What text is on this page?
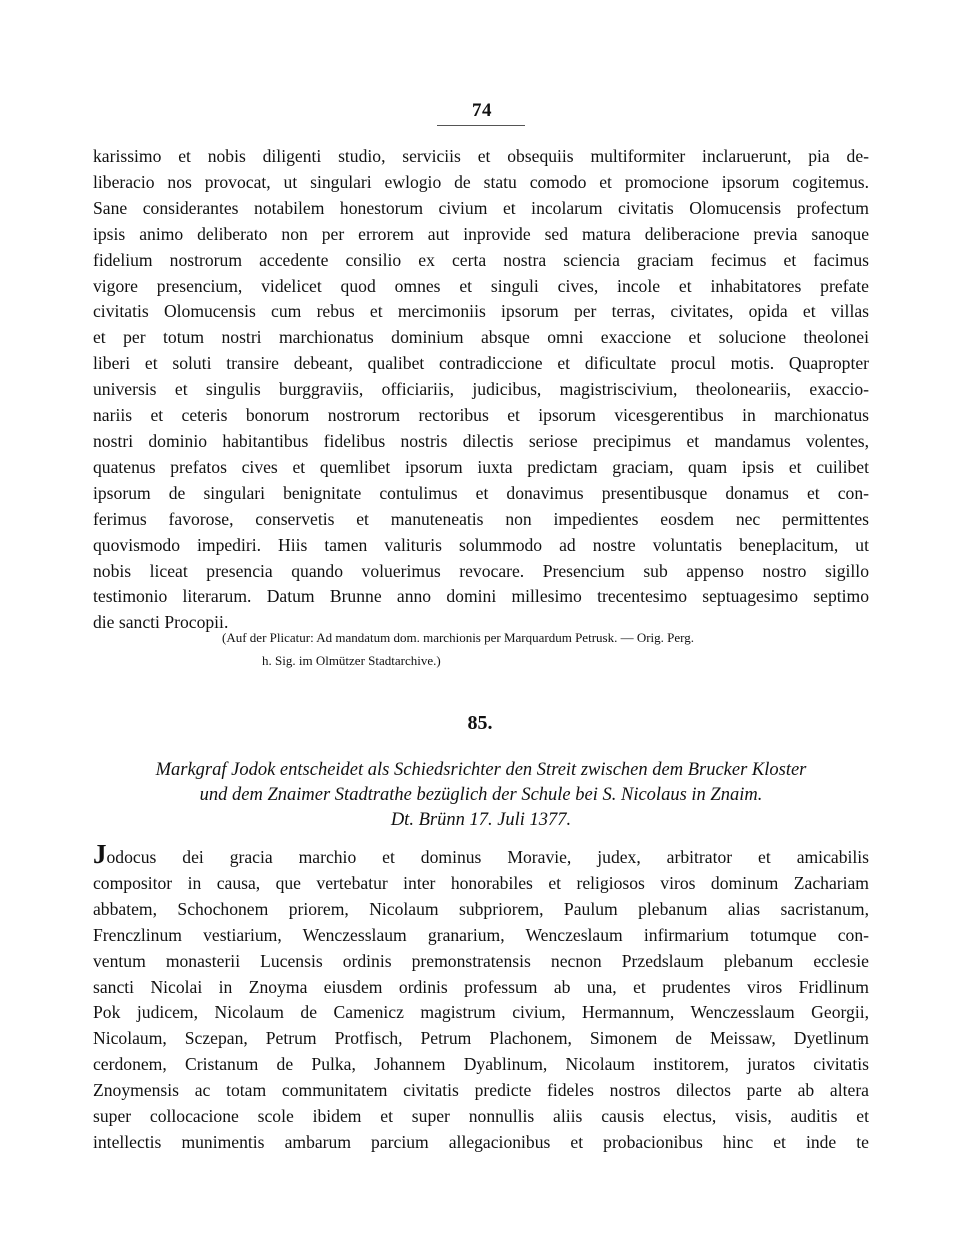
74

karissimo et nobis diligenti studio, serviciis et obsequiis multiformiter inclaruerunt, pia de-

liberacio nos provocat, ut singulari ewlogio de statu comodo et promocione ipsorum cogitemus.

Sane considerantes notabilem honestorum civium et incolarum civitatis Olomucensis profectum

ipsis animo deliberato non per errorem aut inprovide sed matura deliberacione previa sanoque

fidelium nostrorum accedente consilio ex certa nostra sciencia graciam fecimus et facimus

vigore presencium, videlicet quod omnes et singuli cives, incole et inhabitatores prefate

civitatis Olomucensis cum rebus et mercimoniis ipsorum per terras, civitates, opida et villas

et per totum nostri marchionatus dominium absque omni exaccione et solucione theolonei

liberi et soluti transire debeant, qualibet contradiccione et dificultate procul motis. Quapropter

universis et singulis burggraviis, officiariis, judicibus, magistriscivium, theoloneariis, exaccio-

nariis et ceteris bonorum nostrorum rectoribus et ipsorum vicesgerentibus in marchionatus

nostri dominio habitantibus fidelibus nostris dilectis seriose precipimus et mandamus volentes,

quatenus prefatos cives et quemlibet ipsorum iuxta predictam graciam, quam ipsis et cuilibet

ipsorum de singulari benignitate contulimus et donavimus presentibusque donamus et con-

ferimus favorose, conservetis et manuteneatis non impedientes eosdem nec permittentes

quovismodo impediri. Hiis tamen valituris solummodo ad nostre voluntatis beneplacitum, ut

nobis liceat presencia quando voluerimus revocare. Presencium sub appenso nostro sigillo

testimonio literarum. Datum Brunne anno domini millesimo trecentesimo septuagesimo septimo

die sancti Procopii.

(Auf der Plicatur: Ad mandatum dom. marchionis per Marquardum Petrusk. — Orig. Perg.
h. Sig. im Olmützer Stadtarchive.)
85.
Markgraf Jodok entscheidet als Schiedsrichter den Streit zwischen dem Brucker Kloster
und dem Znaimer Stadtrathe bezüglich der Schule bei S. Nicolaus in Znaim.
Dt. Brünn 17. Juli 1377.

Jodocus dei gracia marchio et dominus Moravie, judex, arbitrator et amicabilis

compositor in causa, que vertebatur inter honorabiles et religiosos viros dominum Zachariam

abbatem, Schochonem priorem, Nicolaum subpriorem, Paulum plebanum alias sacristanum,

Frenczlinum vestiarium, Wenczesslaum granarium, Wenczeslaum infirmarium totumque con-

ventum monasterii Lucensis ordinis premonstratensis necnon Przedslaum plebanum ecclesie

sancti Nicolai in Znoyma eiusdem ordinis professum ab una, et prudentes viros Fridlinum

Pok judicem, Nicolaum de Camenicz magistrum civium, Hermannum, Wenczesslaum Georgii,

Nicolaum, Sczepan, Petrum Protfisch, Petrum Plachonem, Simonem de Meissaw, Dyetlinum

cerdonem, Cristanum de Pulka, Johannem Dyablinum, Nicolaum institorem, juratos civitatis

Znoymensis ac totam communitatem civitatis predicte fideles nostros dilectos parte ab altera

super collocacione scole ibidem et super nonnullis aliis causis electus, visis, auditis et

intellectis munimentis ambarum parcium allegacionibus et probacionibus hinc et inde te
